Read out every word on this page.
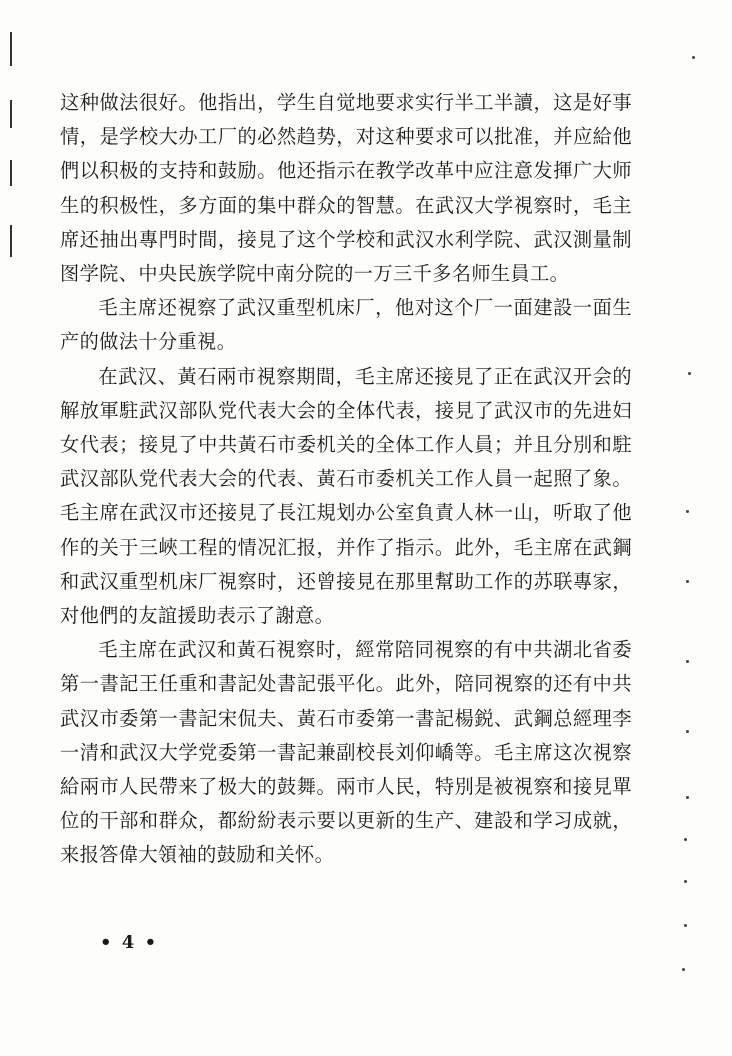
这种做法很好。他指出，学生自觉地要求实行半工半讀，这是好事情，是学校大办工厂的必然趋势，对这种要求可以批准，并应給他們以积极的支持和鼓励。他还指示在教学改革中应注意发揮广大师生的积极性，多方面的集中群众的智慧。在武汉大学視察时，毛主席还抽出專門时間，接見了这个学校和武汉水利学院、武汉測量制图学院、中央民族学院中南分院的一万三千多名师生員工。

毛主席还視察了武汉重型机床厂，他对这个厂一面建設一面生产的做法十分重視。

在武汉、黃石兩市視察期間，毛主席还接見了正在武汉开会的解放軍駐武汉部队党代表大会的全体代表，接見了武汉市的先进妇女代表；接見了中共黃石市委机关的全体工作人員；并且分別和駐武汉部队党代表大会的代表、黃石市委机关工作人員一起照了象。毛主席在武汉市还接見了長江規划办公室負責人林一山，听取了他作的关于三峽工程的情况汇报，并作了指示。此外，毛主席在武鋼和武汉重型机床厂視察时，还曾接見在那里幫助工作的苏联專家，对他們的友誼援助表示了謝意。

毛主席在武汉和黃石視察时，經常陪同視察的有中共湖北省委第一書記王任重和書記处書記張平化。此外，陪同視察的还有中共武汉市委第一書記宋侃夫、黃石市委第一書記楊鋭、武鋼总經理李一清和武汉大学党委第一書記兼副校長刘仰嶠等。毛主席这次視察給兩市人民帶来了极大的鼓舞。兩市人民，特別是被視察和接見單位的干部和群众，都紛紛表示要以更新的生产、建設和学习成就，来报答偉大領袖的鼓励和关怀。

• 4 •
